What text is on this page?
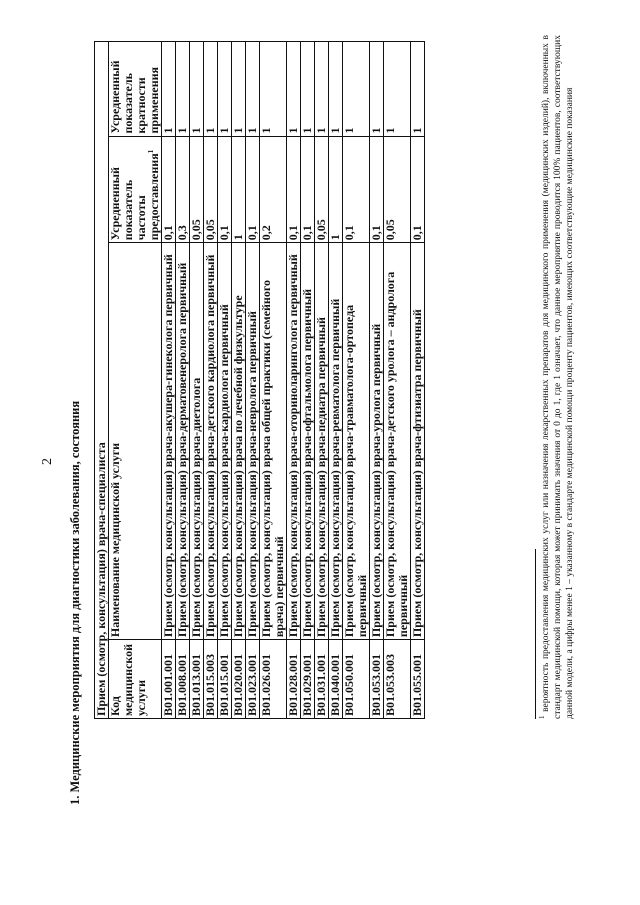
2 1. Медицинские мероприятия для диагностики заболевания, состояния Прием (осмотр, консультация) врача-специалиста			
Код медицинской услуги	Наименование медицинской услуги	Усредненный показатель частоты предоставления$^1$	Усредненный показатель кратности применения
B01.001.001	Прием (осмотр, консультация) врача-акушера-гинеколога первичный	0,1	1
B01.008.001	Прием (осмотр, консультация) врача-дерматовенеролога первичный	0,3	1
B01.013.001	Прием (осмотр, консультация) врача-диетолога	0,05	1
B01.015.003	Прием (осмотр, консультация) врача-детского кардиолога первичный	0,05	1
B01.015.001	Прием (осмотр, консультация) врача-кардиолога первичный	0,1	1
B01.020.001	Прием (осмотр, консультация) врача по лечебной физкультуре	1	1
B01.023.001	Прием (осмотр, консультация) врача-невролога первичный	0,1	1
B01.026.001	Прием (осмотр, консультация) врача общей практики (семейного врача) первичный	0,2	1
B01.028.001	Прием (осмотр, консультация) врача-оториноларинголога первичный	0,1	1
B01.029.001	Прием (осмотр, консультация) врача-офтальмолога первичный	0,1	1
B01.031.001	Прием (осмотр, консультация) врача-педиатра первичный	0,05	1
B01.040.001	Прием (осмотр, консультация) врача-ревматолога первичный	1	1
B01.050.001	Прием (осмотр, консультация) врача-травматолога-ортопеда первичный	0,1	1
B01.053.001	Прием (осмотр, консультация) врача-уролога первичный	0,1	1
B01.053.003	Прием (осмотр, консультация) врача-детского уролога – андролога первичный	0,05	1
B01.055.001	Прием (осмотр, консультация) врача-фтизиатра первичный	0,1	1
$^1$ вероятность предоставления медицинских услуг или назначения лекарственных препаратов для медицинского применения (медицинских изделий), включенных в стандарт медицинской помощи, которая может принимать значения от 0 до 1, где 1 означает, что данное мероприятие проводится 100% пациентов, соответствующих данной модели, а цифры менее 1 – указанному в стандарте медицинской помощи проценту пациентов, имеющих соответствующие медицинские показания
